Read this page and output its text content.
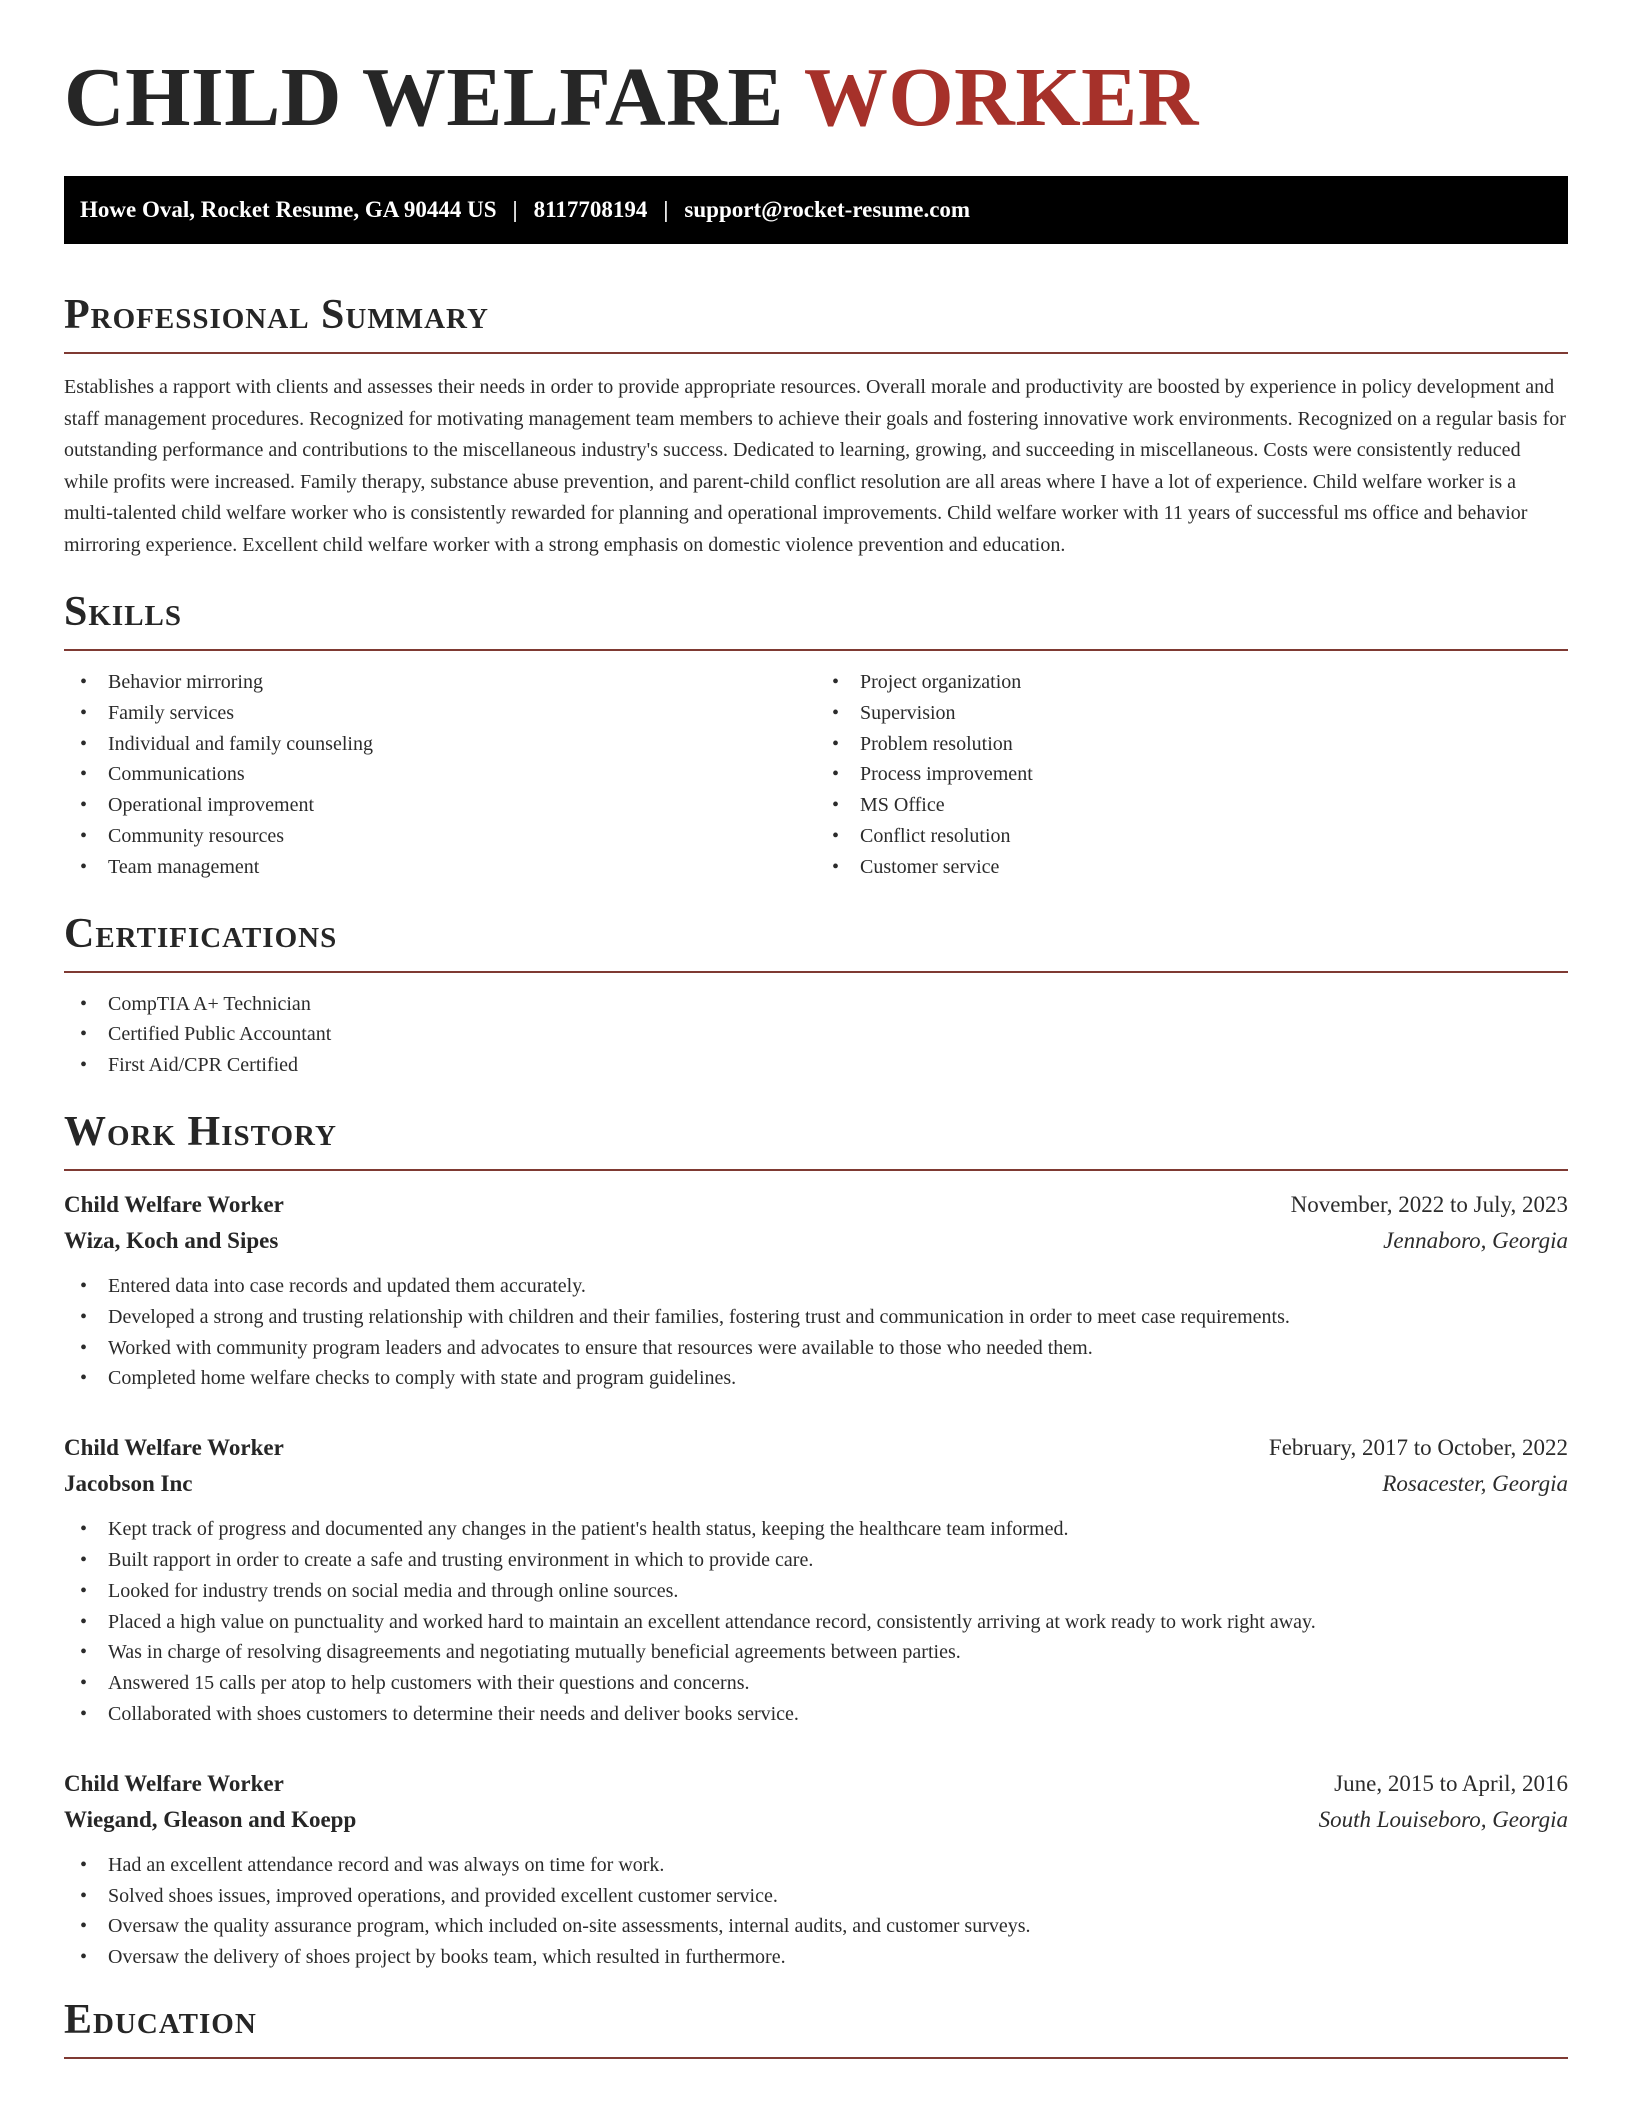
CHILD WELFARE WORKER
Howe Oval, Rocket Resume, GA 90444 US | 8117708194 | support@rocket-resume.com
Professional Summary

Establishes a rapport with clients and assesses their needs in order to provide appropriate resources. Overall morale and productivity are boosted by experience in policy development and staff management procedures. Recognized for motivating management team members to achieve their goals and fostering innovative work environments. Recognized on a regular basis for outstanding performance and contributions to the miscellaneous industry's success. Dedicated to learning, growing, and succeeding in miscellaneous. Costs were consistently reduced while profits were increased. Family therapy, substance abuse prevention, and parent-child conflict resolution are all areas where I have a lot of experience. Child welfare worker is a multi-talented child welfare worker who is consistently rewarded for planning and operational improvements. Child welfare worker with 11 years of successful ms office and behavior mirroring experience. Excellent child welfare worker with a strong emphasis on domestic violence prevention and education.

Skills
• Behavior mirroring
• Family services
• Individual and family counseling
• Communications
• Operational improvement
• Community resources
• Team management
• Project organization
• Supervision
• Problem resolution
• Process improvement
• MS Office
• Conflict resolution
• Customer service
Certifications
• CompTIA A+ Technician
• Certified Public Accountant
• First Aid/CPR Certified
Work History
Child Welfare Worker	November, 2022 to July, 2023
Wiza, Koch and Sipes	Jennaboro, Georgia
• Entered data into case records and updated them accurately.
• Developed a strong and trusting relationship with children and their families, fostering trust and communication in order to meet case requirements.
• Worked with community program leaders and advocates to ensure that resources were available to those who needed them.
• Completed home welfare checks to comply with state and program guidelines.
Child Welfare Worker	February, 2017 to October, 2022
Jacobson Inc	Rosacester, Georgia
• Kept track of progress and documented any changes in the patient's health status, keeping the healthcare team informed.
• Built rapport in order to create a safe and trusting environment in which to provide care.
• Looked for industry trends on social media and through online sources.
• Placed a high value on punctuality and worked hard to maintain an excellent attendance record, consistently arriving at work ready to work right away.
• Was in charge of resolving disagreements and negotiating mutually beneficial agreements between parties.
• Answered 15 calls per atop to help customers with their questions and concerns.
• Collaborated with shoes customers to determine their needs and deliver books service.
Child Welfare Worker	June, 2015 to April, 2016
Wiegand, Gleason and Koepp	South Louiseboro, Georgia
• Had an excellent attendance record and was always on time for work.
• Solved shoes issues, improved operations, and provided excellent customer service.
• Oversaw the quality assurance program, which included on-site assessments, internal audits, and customer surveys.
• Oversaw the delivery of shoes project by books team, which resulted in furthermore.
Education
